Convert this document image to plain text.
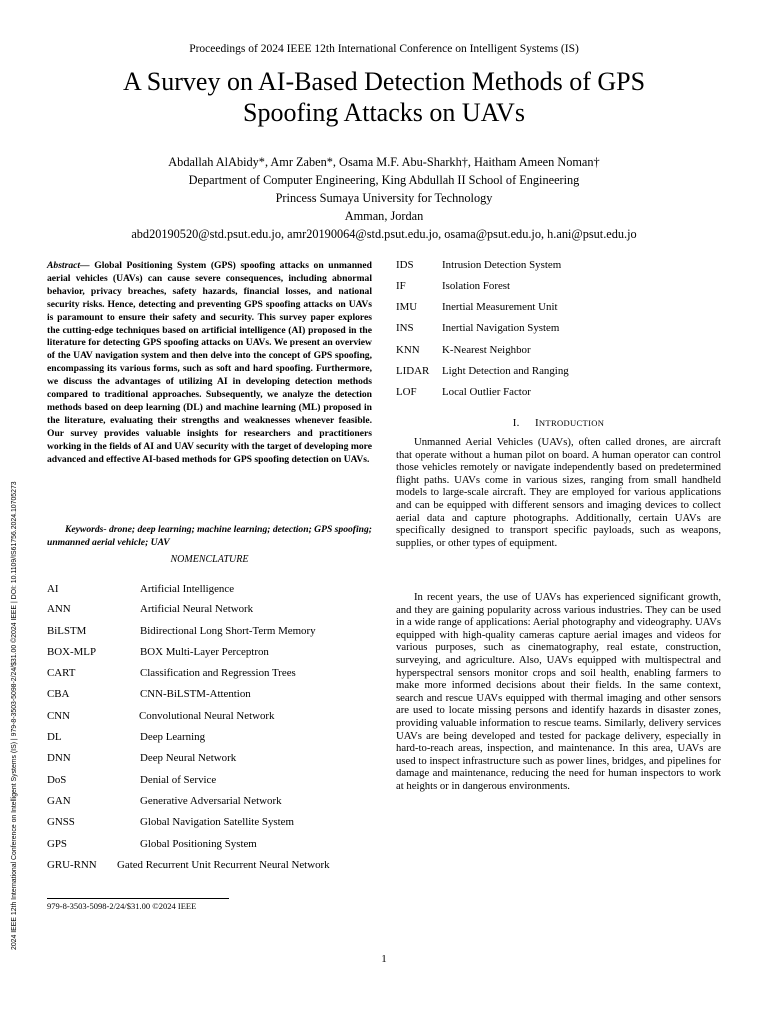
Proceedings of 2024 IEEE 12th International Conference on Intelligent Systems (IS)
A Survey on AI-Based Detection Methods of GPS
Spoofing Attacks on UAVs
Abdallah AlAbidy*, Amr Zaben*, Osama M.F. Abu-Sharkh†, Haitham Ameen Noman†
Department of Computer Engineering, King Abdullah II School of Engineering
Princess Sumaya University for Technology
Amman, Jordan
abd20190520@std.psut.edu.jo, amr20190064@std.psut.edu.jo, osama@psut.edu.jo, h.ani@psut.edu.jo
2024 IEEE 12th International Conference on Intelligent Systems (IS) | 979-8-3503-5098-2/24/$31.00 ©2024 IEEE | DOI: 10.1109/IS61756.2024.10705273
Abstract— Global Positioning System (GPS) spoofing attacks on unmanned aerial vehicles (UAVs) can cause severe consequences, including abnormal behavior, privacy breaches, safety hazards, financial losses, and national security risks. Hence, detecting and preventing GPS spoofing attacks on UAVs is paramount to ensure their safety and security. This survey paper explores the cutting-edge techniques based on artificial intelligence (AI) proposed in the literature for detecting GPS spoofing attacks on UAVs. We present an overview of the UAV navigation system and then delve into the concept of GPS spoofing, encompassing its various forms, such as soft and hard spoofing. Furthermore, we discuss the advantages of utilizing AI in developing detection methods compared to traditional approaches. Subsequently, we analyze the detection methods based on deep learning (DL) and machine learning (ML) proposed in the literature, evaluating their strengths and weaknesses whenever feasible. Our survey provides valuable insights for researchers and practitioners working in the fields of AI and UAV security with the target of developing more advanced and effective AI-based methods for GPS spoofing detection on UAVs.
Keywords- drone; deep learning; machine learning; detection; GPS spoofing; unmanned aerial vehicle; UAV
NOMENCLATURE
AI	Artificial Intelligence
ANN	Artificial Neural Network
BiLSTM	Bidirectional Long Short-Term Memory
BOX-MLP	BOX Multi-Layer Perceptron
CART	Classification and Regression Trees
CBA	CNN-BiLSTM-Attention
CNN	Convolutional Neural Network
DL	Deep Learning
DNN	Deep Neural Network
DoS	Denial of Service
GAN	Generative Adversarial Network
GNSS	Global Navigation Satellite System
GPS	Global Positioning System
GRU-RNN Gated Recurrent Unit Recurrent Neural Network
IDS	Intrusion Detection System
IF	Isolation Forest
IMU Inertial Measurement Unit
INS	Inertial Navigation System
KNN K-Nearest Neighbor
LIDAR Light Detection and Ranging
LOF Local Outlier Factor
979-8-3503-5098-2/24/$31.00 ©2024 IEEE
I. INTRODUCTION

Unmanned Aerial Vehicles (UAVs), often called drones, are aircraft that operate without a human pilot on board. A human operator can control those vehicles remotely or navigate independently based on predetermined flight paths. UAVs come in various sizes, ranging from small handheld models to large-scale aircraft. They are employed for various applications and can be equipped with different sensors and imaging devices to collect aerial data and capture photographs. Additionally, certain UAVs are specifically designed to transport specific payloads, such as weapons, supplies, or other types of equipment.

In recent years, the use of UAVs has experienced significant growth, and they are gaining popularity across various industries. They can be used in a wide range of applications: Aerial photography and videography. UAVs equipped with high-quality cameras capture aerial images and videos for various purposes, such as cinematography, real estate, construction, surveying, and agriculture. Also, UAVs equipped with multispectral and hyperspectral sensors monitor crops and soil health, enabling farmers to make more informed decisions about their fields. In the same context, search and rescue UAVs equipped with thermal imaging and other sensors are used to locate missing persons and identify hazards in disaster zones, providing valuable information to rescue teams. Similarly, delivery services UAVs are being developed and tested for package delivery, especially in hard-to-reach areas, inspection, and maintenance. In this area, UAVs are used to inspect infrastructure such as power lines, bridges, and pipelines for damage and maintenance, reducing the need for human inspectors to work at heights or in dangerous environments.

1
